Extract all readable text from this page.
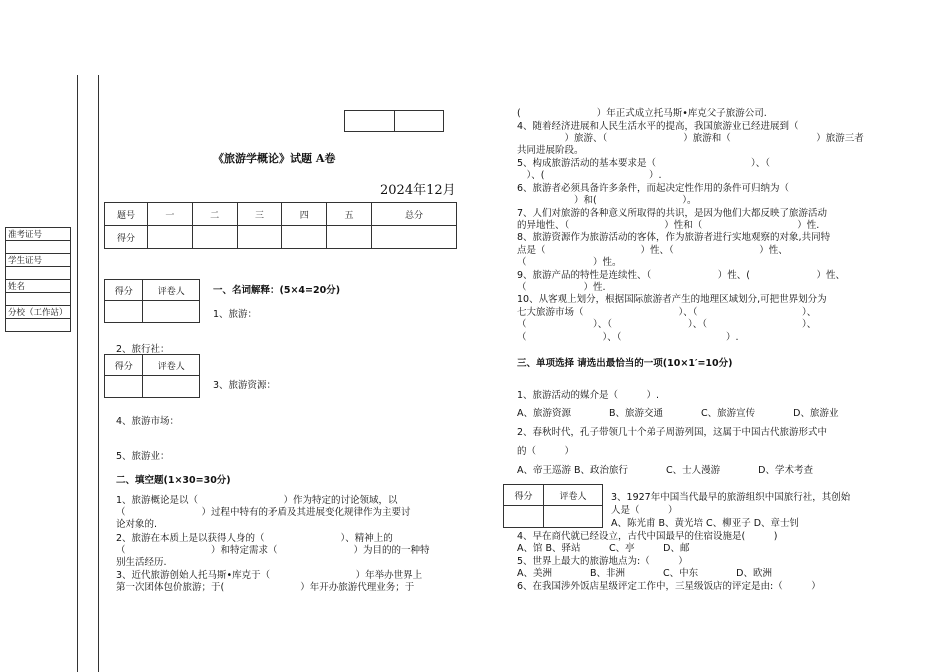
准考证号

学生证号

姓名

分校（工作站）

《旅游学概论》试题 A卷
2024年12月
题号	一	二	三	四	五	总分
得分						
得分	评卷人
		一、名词解释：(5×4=20分)
1、旅游：
2、旅行社：
得分	评卷人

3、旅游资源：
4、旅游市场：
5、旅游业：
二、填空题(1×30=30分)
1、旅游概论是以（　　　　　　　　　）作为特定的讨论领域，以
（　　　　　　　　）过程中特有的矛盾及其进展变化规律作为主要讨
论对象的.
2、旅游在本质上是以获得人身的（　　　　　　　　）、精神上的
（　　　　　　　　　）和特定需求（　　　　　　　　）为目的的一种特
别生活经历.
3、近代旅游创始人托马斯•库克于（　　　　　　　　　）年举办世界上
第一次团体包价旅游；于(　　　　　　　　）年开办旅游代理业务；于
(　　　　　　　　）年正式成立托马斯•库克父子旅游公司.
4、随着经济进展和人民生活水平的提高，我国旅游业已经进展到（
　　　　　）旅游、（　　　　　　　　）旅游和（　　　　　　　　　）旅游三者
共同进展阶段。
5、构成旅游活动的基本要求是（　　　　　　　　　　）、（
　）、(　　　　　　　　　　　）.
6、旅游者必须具备许多条件，而起决定性作用的条件可归纳为（
　　　　　　）和(　　　　　　　　　）。
7、人们对旅游的各种意义所取得的共识，是因为他们大都反映了旅游活动
的异地性、（　　　　　　　　　　）性和（　　　　　　　　　　）性.
8、旅游资源作为旅游活动的客体，作为旅游者进行实地观察的对象,共同特
点是（　　　　　　　　　　）性、（　　　　　　　　　）性、
（　　　　　　　）性。
9、旅游产品的特性是连续性、（　　　　　　　）性、(　　　　　　　）性、
（　　　　　　）性.
10、从客观上划分，根据国际旅游者产生的地理区域划分,可把世界划分为
七大旅游市场（　　　　　　　　　　）、（　　　　　　　　　　　）、
（　　　　　　　）、（　　　　　　　　）、（　　　　　　　　　　）、
（　　　　　　　　）、（　　　　　　　　　　　）.
三、单项选择 请选出最恰当的一项(10×1′=10分)
1、旅游活动的媒介是（　　　）.
A、旅游资源　　　　B、旅游交通　　　　C、旅游宣传　　　　D、旅游业
2、春秋时代，孔子带领几十个弟子周游列国，这属于中国古代旅游形式中
的（　　　）
A、帝王巡游 B、政治旅行　　　　C、士人漫游　　　　D、学术考查
得分	评卷人
		3、1927年中国当代最早的旅游组织中国旅行社，其创始
人是（　　　）
A、陈光甫 B、黄光培 C、柳亚子 D、章士钊
4、早在商代就已经设立，古代中国最早的住宿设施是(　　　)
A、馆 B、驿站　　　C、亭　　　D、邮
5、世界上最大的旅游地点为:（　　　）
A、美洲　　　　B、非洲　　　　C、中东　　　　D、欧洲
6、在我国涉外饭店星级评定工作中，三星级饭店的评定是由:（　　　）
